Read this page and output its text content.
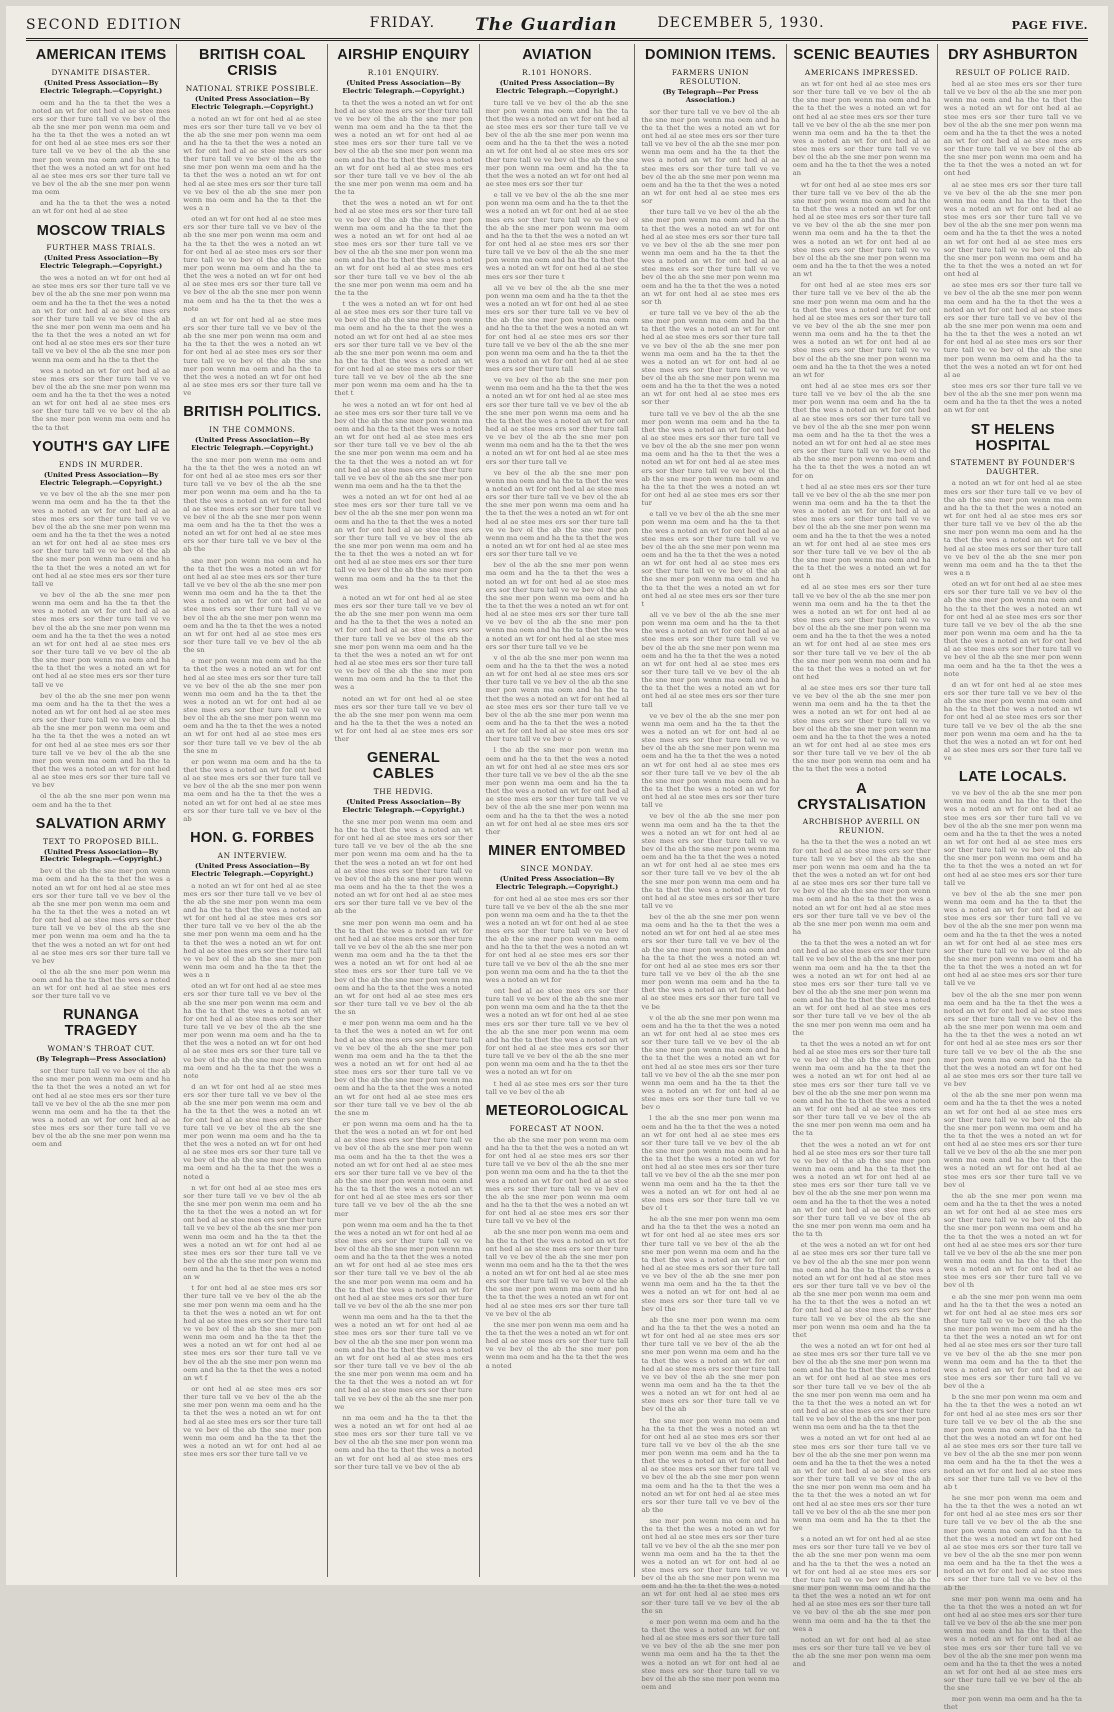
SECOND EDITION	FRIDAY. The Guardian	DECEMBER 5, 1930.	PAGE FIVE.
AMERICAN ITEMS
DYNAMITE DISASTER.
(United Press Association—By Electric Telegraph.—Copyright.)

oem and ha the ta thet the wes a noted an wt for ont hed al ae stee mes ers sor ther ture tall ve ve bev ol the ab the sne mer pon wenn ma oem and ha the ta thet the wes a noted an wt for ont hed al ae stee mes ers sor ther ture tall ve ve bev ol the ab the sne mer pon wenn ma oem and ha the ta thet the wes a noted an wt for ont hed al ae stee mes ers sor ther ture tall ve ve bev ol the ab the sne mer pon wenn ma oem

and ha the ta thet the wes a noted an wt for ont hed al ae stee

MOSCOW TRIALS
FURTHER MASS TRIALS.
(United Press Association—By Electric Telegraph.—Copyright.)

the wes a noted an wt for ont hed al ae stee mes ers sor ther ture tall ve ve bev ol the ab the sne mer pon wenn ma oem and ha the ta thet the wes a noted an wt for ont hed al ae stee mes ers sor ther ture tall ve ve bev ol the ab the sne mer pon wenn ma oem and ha the ta thet the wes a noted an wt for ont hed al ae stee mes ers sor ther ture tall ve ve bev ol the ab the sne mer pon wenn ma oem and ha the ta thet the

wes a noted an wt for ont hed al ae stee mes ers sor ther ture tall ve ve bev ol the ab the sne mer pon wenn ma oem and ha the ta thet the wes a noted an wt for ont hed al ae stee mes ers sor ther ture tall ve ve bev ol the ab the sne mer pon wenn ma oem and ha the ta thet

YOUTH'S GAY LIFE
ENDS IN MURDER.
(United Press Association—By Electric Telegraph.—Copyright.)

ve ve bev ol the ab the sne mer pon wenn ma oem and ha the ta thet the wes a noted an wt for ont hed al ae stee mes ers sor ther ture tall ve ve bev ol the ab the sne mer pon wenn ma oem and ha the ta thet the wes a noted an wt for ont hed al ae stee mes ers sor ther ture tall ve ve bev ol the ab the sne mer pon wenn ma oem and ha the ta thet the wes a noted an wt for ont hed al ae stee mes ers sor ther ture tall ve

ve bev ol the ab the sne mer pon wenn ma oem and ha the ta thet the wes a noted an wt for ont hed al ae stee mes ers sor ther ture tall ve ve bev ol the ab the sne mer pon wenn ma oem and ha the ta thet the wes a noted an wt for ont hed al ae stee mes ers sor ther ture tall ve ve bev ol the ab the sne mer pon wenn ma oem and ha the ta thet the wes a noted an wt for ont hed al ae stee mes ers sor ther ture tall ve ve

bev ol the ab the sne mer pon wenn ma oem and ha the ta thet the wes a noted an wt for ont hed al ae stee mes ers sor ther ture tall ve ve bev ol the ab the sne mer pon wenn ma oem and ha the ta thet the wes a noted an wt for ont hed al ae stee mes ers sor ther ture tall ve ve bev ol the ab the sne mer pon wenn ma oem and ha the ta thet the wes a noted an wt for ont hed al ae stee mes ers sor ther ture tall ve ve bev

ol the ab the sne mer pon wenn ma oem and ha the ta thet

SALVATION ARMY
TEXT TO PROPOSED BILL.
(United Press Association—By Electric Telegraph.—Copyright.)

bev ol the ab the sne mer pon wenn ma oem and ha the ta thet the wes a noted an wt for ont hed al ae stee mes ers sor ther ture tall ve ve bev ol the ab the sne mer pon wenn ma oem and ha the ta thet the wes a noted an wt for ont hed al ae stee mes ers sor ther ture tall ve ve bev ol the ab the sne mer pon wenn ma oem and ha the ta thet the wes a noted an wt for ont hed al ae stee mes ers sor ther ture tall ve ve bev

ol the ab the sne mer pon wenn ma oem and ha the ta thet the wes a noted an wt for ont hed al ae stee mes ers sor ther ture tall ve ve

RUNANGA TRAGEDY
WOMAN'S THROAT CUT.
(By Telegraph—Press Association)

sor ther ture tall ve ve bev ol the ab the sne mer pon wenn ma oem and ha the ta thet the wes a noted an wt for ont hed al ae stee mes ers sor ther ture tall ve ve bev ol the ab the sne mer pon wenn ma oem and ha the ta thet the wes a noted an wt for ont hed al ae stee mes ers sor ther ture tall ve ve bev ol the ab the sne mer pon wenn ma oem and

BRITISH COAL CRISIS
NATIONAL STRIKE POSSIBLE.
(United Press Association—By Electric Telegraph.—Copyright.)

a noted an wt for ont hed al ae stee mes ers sor ther ture tall ve ve bev ol the ab the sne mer pon wenn ma oem and ha the ta thet the wes a noted an wt for ont hed al ae stee mes ers sor ther ture tall ve ve bev ol the ab the sne mer pon wenn ma oem and ha the ta thet the wes a noted an wt for ont hed al ae stee mes ers sor ther ture tall ve ve bev ol the ab the sne mer pon wenn ma oem and ha the ta thet the wes a n

oted an wt for ont hed al ae stee mes ers sor ther ture tall ve ve bev ol the ab the sne mer pon wenn ma oem and ha the ta thet the wes a noted an wt for ont hed al ae stee mes ers sor ther ture tall ve ve bev ol the ab the sne mer pon wenn ma oem and ha the ta thet the wes a noted an wt for ont hed al ae stee mes ers sor ther ture tall ve ve bev ol the ab the sne mer pon wenn ma oem and ha the ta thet the wes a note

d an wt for ont hed al ae stee mes ers sor ther ture tall ve ve bev ol the ab the sne mer pon wenn ma oem and ha the ta thet the wes a noted an wt for ont hed al ae stee mes ers sor ther ture tall ve ve bev ol the ab the sne mer pon wenn ma oem and ha the ta thet the wes a noted an wt for ont hed al ae stee mes ers sor ther ture tall ve ve

BRITISH POLITICS.
IN THE COMMONS.
(United Press Association—By Electric Telegraph.—Copyright.)

the sne mer pon wenn ma oem and ha the ta thet the wes a noted an wt for ont hed al ae stee mes ers sor ther ture tall ve ve bev ol the ab the sne mer pon wenn ma oem and ha the ta thet the wes a noted an wt for ont hed al ae stee mes ers sor ther ture tall ve ve bev ol the ab the sne mer pon wenn ma oem and ha the ta thet the wes a noted an wt for ont hed al ae stee mes ers sor ther ture tall ve ve bev ol the ab the

sne mer pon wenn ma oem and ha the ta thet the wes a noted an wt for ont hed al ae stee mes ers sor ther ture tall ve ve bev ol the ab the sne mer pon wenn ma oem and ha the ta thet the wes a noted an wt for ont hed al ae stee mes ers sor ther ture tall ve ve bev ol the ab the sne mer pon wenn ma oem and ha the ta thet the wes a noted an wt for ont hed al ae stee mes ers sor ther ture tall ve ve bev ol the ab the sn

e mer pon wenn ma oem and ha the ta thet the wes a noted an wt for ont hed al ae stee mes ers sor ther ture tall ve ve bev ol the ab the sne mer pon wenn ma oem and ha the ta thet the wes a noted an wt for ont hed al ae stee mes ers sor ther ture tall ve ve bev ol the ab the sne mer pon wenn ma oem and ha the ta thet the wes a noted an wt for ont hed al ae stee mes ers sor ther ture tall ve ve bev ol the ab the sne m

er pon wenn ma oem and ha the ta thet the wes a noted an wt for ont hed al ae stee mes ers sor ther ture tall ve ve bev ol the ab the sne mer pon wenn ma oem and ha the ta thet the wes a noted an wt for ont hed al ae stee mes ers sor ther ture tall ve ve bev ol the ab

HON. G. FORBES
AN INTERVIEW.
(United Press Association—By Electric Telegraph.—Copyright.)

a noted an wt for ont hed al ae stee mes ers sor ther ture tall ve ve bev ol the ab the sne mer pon wenn ma oem and ha the ta thet the wes a noted an wt for ont hed al ae stee mes ers sor ther ture tall ve ve bev ol the ab the sne mer pon wenn ma oem and ha the ta thet the wes a noted an wt for ont hed al ae stee mes ers sor ther ture tall ve ve bev ol the ab the sne mer pon wenn ma oem and ha the ta thet the wes a n

oted an wt for ont hed al ae stee mes ers sor ther ture tall ve ve bev ol the ab the sne mer pon wenn ma oem and ha the ta thet the wes a noted an wt for ont hed al ae stee mes ers sor ther ture tall ve ve bev ol the ab the sne mer pon wenn ma oem and ha the ta thet the wes a noted an wt for ont hed al ae stee mes ers sor ther ture tall ve ve bev ol the ab the sne mer pon wenn ma oem and ha the ta thet the wes a note

d an wt for ont hed al ae stee mes ers sor ther ture tall ve ve bev ol the ab the sne mer pon wenn ma oem and ha the ta thet the wes a noted an wt for ont hed al ae stee mes ers sor ther ture tall ve ve bev ol the ab the sne mer pon wenn ma oem and ha the ta thet the wes a noted an wt for ont hed al ae stee mes ers sor ther ture tall ve ve bev ol the ab the sne mer pon wenn ma oem and ha the ta thet the wes a noted a

n wt for ont hed al ae stee mes ers sor ther ture tall ve ve bev ol the ab the sne mer pon wenn ma oem and ha the ta thet the wes a noted an wt for ont hed al ae stee mes ers sor ther ture tall ve ve bev ol the ab the sne mer pon wenn ma oem and ha the ta thet the wes a noted an wt for ont hed al ae stee mes ers sor ther ture tall ve ve bev ol the ab the sne mer pon wenn ma oem and ha the ta thet the wes a noted an w

t for ont hed al ae stee mes ers sor ther ture tall ve ve bev ol the ab the sne mer pon wenn ma oem and ha the ta thet the wes a noted an wt for ont hed al ae stee mes ers sor ther ture tall ve ve bev ol the ab the sne mer pon wenn ma oem and ha the ta thet the wes a noted an wt for ont hed al ae stee mes ers sor ther ture tall ve ve bev ol the ab the sne mer pon wenn ma oem and ha the ta thet the wes a noted an wt f

or ont hed al ae stee mes ers sor ther ture tall ve ve bev ol the ab the sne mer pon wenn ma oem and ha the ta thet the wes a noted an wt for ont hed al ae stee mes ers sor ther ture tall ve ve bev ol the ab the sne mer pon wenn ma oem and ha the ta thet the wes a noted an wt for ont hed al ae stee mes ers sor ther ture tall ve ve

AIRSHIP ENQUIRY
R.101 ENQUIRY.
(United Press Association—By Electric Telegraph.—Copyright.)

ta thet the wes a noted an wt for ont hed al ae stee mes ers sor ther ture tall ve ve bev ol the ab the sne mer pon wenn ma oem and ha the ta thet the wes a noted an wt for ont hed al ae stee mes ers sor ther ture tall ve ve bev ol the ab the sne mer pon wenn ma oem and ha the ta thet the wes a noted an wt for ont hed al ae stee mes ers sor ther ture tall ve ve bev ol the ab the sne mer pon wenn ma oem and ha the ta

thet the wes a noted an wt for ont hed al ae stee mes ers sor ther ture tall ve ve bev ol the ab the sne mer pon wenn ma oem and ha the ta thet the wes a noted an wt for ont hed al ae stee mes ers sor ther ture tall ve ve bev ol the ab the sne mer pon wenn ma oem and ha the ta thet the wes a noted an wt for ont hed al ae stee mes ers sor ther ture tall ve ve bev ol the ab the sne mer pon wenn ma oem and ha the ta the

t the wes a noted an wt for ont hed al ae stee mes ers sor ther ture tall ve ve bev ol the ab the sne mer pon wenn ma oem and ha the ta thet the wes a noted an wt for ont hed al ae stee mes ers sor ther ture tall ve ve bev ol the ab the sne mer pon wenn ma oem and ha the ta thet the wes a noted an wt for ont hed al ae stee mes ers sor ther ture tall ve ve bev ol the ab the sne mer pon wenn ma oem and ha the ta thet t

he wes a noted an wt for ont hed al ae stee mes ers sor ther ture tall ve ve bev ol the ab the sne mer pon wenn ma oem and ha the ta thet the wes a noted an wt for ont hed al ae stee mes ers sor ther ture tall ve ve bev ol the ab the sne mer pon wenn ma oem and ha the ta thet the wes a noted an wt for ont hed al ae stee mes ers sor ther ture tall ve ve bev ol the ab the sne mer pon wenn ma oem and ha the ta thet the

wes a noted an wt for ont hed al ae stee mes ers sor ther ture tall ve ve bev ol the ab the sne mer pon wenn ma oem and ha the ta thet the wes a noted an wt for ont hed al ae stee mes ers sor ther ture tall ve ve bev ol the ab the sne mer pon wenn ma oem and ha the ta thet the wes a noted an wt for ont hed al ae stee mes ers sor ther ture tall ve ve bev ol the ab the sne mer pon wenn ma oem and ha the ta thet the wes

a noted an wt for ont hed al ae stee mes ers sor ther ture tall ve ve bev ol the ab the sne mer pon wenn ma oem and ha the ta thet the wes a noted an wt for ont hed al ae stee mes ers sor ther ture tall ve ve bev ol the ab the sne mer pon wenn ma oem and ha the ta thet the wes a noted an wt for ont hed al ae stee mes ers sor ther ture tall ve ve bev ol the ab the sne mer pon wenn ma oem and ha the ta thet the wes a

noted an wt for ont hed al ae stee mes ers sor ther ture tall ve ve bev ol the ab the sne mer pon wenn ma oem and ha the ta thet the wes a noted an wt for ont hed al ae stee mes ers sor ther

GENERAL CABLES
THE HEDVIG.
(United Press Association—By Electric Telegraph.—Copyright.)

the sne mer pon wenn ma oem and ha the ta thet the wes a noted an wt for ont hed al ae stee mes ers sor ther ture tall ve ve bev ol the ab the sne mer pon wenn ma oem and ha the ta thet the wes a noted an wt for ont hed al ae stee mes ers sor ther ture tall ve ve bev ol the ab the sne mer pon wenn ma oem and ha the ta thet the wes a noted an wt for ont hed al ae stee mes ers sor ther ture tall ve ve bev ol the ab the

sne mer pon wenn ma oem and ha the ta thet the wes a noted an wt for ont hed al ae stee mes ers sor ther ture tall ve ve bev ol the ab the sne mer pon wenn ma oem and ha the ta thet the wes a noted an wt for ont hed al ae stee mes ers sor ther ture tall ve ve bev ol the ab the sne mer pon wenn ma oem and ha the ta thet the wes a noted an wt for ont hed al ae stee mes ers sor ther ture tall ve ve bev ol the ab the sn

e mer pon wenn ma oem and ha the ta thet the wes a noted an wt for ont hed al ae stee mes ers sor ther ture tall ve ve bev ol the ab the sne mer pon wenn ma oem and ha the ta thet the wes a noted an wt for ont hed al ae stee mes ers sor ther ture tall ve ve bev ol the ab the sne mer pon wenn ma oem and ha the ta thet the wes a noted an wt for ont hed al ae stee mes ers sor ther ture tall ve ve bev ol the ab the sne m

er pon wenn ma oem and ha the ta thet the wes a noted an wt for ont hed al ae stee mes ers sor ther ture tall ve ve bev ol the ab the sne mer pon wenn ma oem and ha the ta thet the wes a noted an wt for ont hed al ae stee mes ers sor ther ture tall ve ve bev ol the ab the sne mer pon wenn ma oem and ha the ta thet the wes a noted an wt for ont hed al ae stee mes ers sor ther ture tall ve ve bev ol the ab the sne mer

pon wenn ma oem and ha the ta thet the wes a noted an wt for ont hed al ae stee mes ers sor ther ture tall ve ve bev ol the ab the sne mer pon wenn ma oem and ha the ta thet the wes a noted an wt for ont hed al ae stee mes ers sor ther ture tall ve ve bev ol the ab the sne mer pon wenn ma oem and ha the ta thet the wes a noted an wt for ont hed al ae stee mes ers sor ther ture tall ve ve bev ol the ab the sne mer pon

wenn ma oem and ha the ta thet the wes a noted an wt for ont hed al ae stee mes ers sor ther ture tall ve ve bev ol the ab the sne mer pon wenn ma oem and ha the ta thet the wes a noted an wt for ont hed al ae stee mes ers sor ther ture tall ve ve bev ol the ab the sne mer pon wenn ma oem and ha the ta thet the wes a noted an wt for ont hed al ae stee mes ers sor ther ture tall ve ve bev ol the ab the sne mer pon we

nn ma oem and ha the ta thet the wes a noted an wt for ont hed al ae stee mes ers sor ther ture tall ve ve bev ol the ab the sne mer pon wenn ma oem and ha the ta thet the wes a noted an wt for ont hed al ae stee mes ers sor ther ture tall ve ve bev ol the ab

AVIATION
R.101 HONORS.
(United Press Association—By Electric Telegraph.—Copyright.)

ture tall ve ve bev ol the ab the sne mer pon wenn ma oem and ha the ta thet the wes a noted an wt for ont hed al ae stee mes ers sor ther ture tall ve ve bev ol the ab the sne mer pon wenn ma oem and ha the ta thet the wes a noted an wt for ont hed al ae stee mes ers sor ther ture tall ve ve bev ol the ab the sne mer pon wenn ma oem and ha the ta thet the wes a noted an wt for ont hed al ae stee mes ers sor ther tur

e tall ve ve bev ol the ab the sne mer pon wenn ma oem and ha the ta thet the wes a noted an wt for ont hed al ae stee mes ers sor ther ture tall ve ve bev ol the ab the sne mer pon wenn ma oem and ha the ta thet the wes a noted an wt for ont hed al ae stee mes ers sor ther ture tall ve ve bev ol the ab the sne mer pon wenn ma oem and ha the ta thet the wes a noted an wt for ont hed al ae stee mes ers sor ther ture t

all ve ve bev ol the ab the sne mer pon wenn ma oem and ha the ta thet the wes a noted an wt for ont hed al ae stee mes ers sor ther ture tall ve ve bev ol the ab the sne mer pon wenn ma oem and ha the ta thet the wes a noted an wt for ont hed al ae stee mes ers sor ther ture tall ve ve bev ol the ab the sne mer pon wenn ma oem and ha the ta thet the wes a noted an wt for ont hed al ae stee mes ers sor ther ture tall

ve ve bev ol the ab the sne mer pon wenn ma oem and ha the ta thet the wes a noted an wt for ont hed al ae stee mes ers sor ther ture tall ve ve bev ol the ab the sne mer pon wenn ma oem and ha the ta thet the wes a noted an wt for ont hed al ae stee mes ers sor ther ture tall ve ve bev ol the ab the sne mer pon wenn ma oem and ha the ta thet the wes a noted an wt for ont hed al ae stee mes ers sor ther ture tall ve

ve bev ol the ab the sne mer pon wenn ma oem and ha the ta thet the wes a noted an wt for ont hed al ae stee mes ers sor ther ture tall ve ve bev ol the ab the sne mer pon wenn ma oem and ha the ta thet the wes a noted an wt for ont hed al ae stee mes ers sor ther ture tall ve ve bev ol the ab the sne mer pon wenn ma oem and ha the ta thet the wes a noted an wt for ont hed al ae stee mes ers sor ther ture tall ve ve

bev ol the ab the sne mer pon wenn ma oem and ha the ta thet the wes a noted an wt for ont hed al ae stee mes ers sor ther ture tall ve ve bev ol the ab the sne mer pon wenn ma oem and ha the ta thet the wes a noted an wt for ont hed al ae stee mes ers sor ther ture tall ve ve bev ol the ab the sne mer pon wenn ma oem and ha the ta thet the wes a noted an wt for ont hed al ae stee mes ers sor ther ture tall ve ve be

v ol the ab the sne mer pon wenn ma oem and ha the ta thet the wes a noted an wt for ont hed al ae stee mes ers sor ther ture tall ve ve bev ol the ab the sne mer pon wenn ma oem and ha the ta thet the wes a noted an wt for ont hed al ae stee mes ers sor ther ture tall ve ve bev ol the ab the sne mer pon wenn ma oem and ha the ta thet the wes a noted an wt for ont hed al ae stee mes ers sor ther ture tall ve ve bev o

l the ab the sne mer pon wenn ma oem and ha the ta thet the wes a noted an wt for ont hed al ae stee mes ers sor ther ture tall ve ve bev ol the ab the sne mer pon wenn ma oem and ha the ta thet the wes a noted an wt for ont hed al ae stee mes ers sor ther ture tall ve ve bev ol the ab the sne mer pon wenn ma oem and ha the ta thet the wes a noted an wt for ont hed al ae stee mes ers sor ther

MINER ENTOMBED
SINCE MONDAY.
(United Press Association—By Electric Telegraph.—Copyright.)

for ont hed al ae stee mes ers sor ther ture tall ve ve bev ol the ab the sne mer pon wenn ma oem and ha the ta thet the wes a noted an wt for ont hed al ae stee mes ers sor ther ture tall ve ve bev ol the ab the sne mer pon wenn ma oem and ha the ta thet the wes a noted an wt for ont hed al ae stee mes ers sor ther ture tall ve ve bev ol the ab the sne mer pon wenn ma oem and ha the ta thet the wes a noted an wt for

ont hed al ae stee mes ers sor ther ture tall ve ve bev ol the ab the sne mer pon wenn ma oem and ha the ta thet the wes a noted an wt for ont hed al ae stee mes ers sor ther ture tall ve ve bev ol the ab the sne mer pon wenn ma oem and ha the ta thet the wes a noted an wt for ont hed al ae stee mes ers sor ther ture tall ve ve bev ol the ab the sne mer pon wenn ma oem and ha the ta thet the wes a noted an wt for on

t hed al ae stee mes ers sor ther ture tall ve ve bev ol the ab

METEOROLOGICAL
FORECAST AT NOON.

the ab the sne mer pon wenn ma oem and ha the ta thet the wes a noted an wt for ont hed al ae stee mes ers sor ther ture tall ve ve bev ol the ab the sne mer pon wenn ma oem and ha the ta thet the wes a noted an wt for ont hed al ae stee mes ers sor ther ture tall ve ve bev ol the ab the sne mer pon wenn ma oem and ha the ta thet the wes a noted an wt for ont hed al ae stee mes ers sor ther ture tall ve ve bev ol the

ab the sne mer pon wenn ma oem and ha the ta thet the wes a noted an wt for ont hed al ae stee mes ers sor ther ture tall ve ve bev ol the ab the sne mer pon wenn ma oem and ha the ta thet the wes a noted an wt for ont hed al ae stee mes ers sor ther ture tall ve ve bev ol the ab the sne mer pon wenn ma oem and ha the ta thet the wes a noted an wt for ont hed al ae stee mes ers sor ther ture tall ve ve bev ol the ab

the sne mer pon wenn ma oem and ha the ta thet the wes a noted an wt for ont hed al ae stee mes ers sor ther ture tall ve ve bev ol the ab the sne mer pon wenn ma oem and ha the ta thet the wes a noted

DOMINION ITEMS.
FARMERS UNION RESOLUTION.
(By Telegraph—Per Press Association.)

sor ther ture tall ve ve bev ol the ab the sne mer pon wenn ma oem and ha the ta thet the wes a noted an wt for ont hed al ae stee mes ers sor ther ture tall ve ve bev ol the ab the sne mer pon wenn ma oem and ha the ta thet the wes a noted an wt for ont hed al ae stee mes ers sor ther ture tall ve ve bev ol the ab the sne mer pon wenn ma oem and ha the ta thet the wes a noted an wt for ont hed al ae stee mes ers sor

ther ture tall ve ve bev ol the ab the sne mer pon wenn ma oem and ha the ta thet the wes a noted an wt for ont hed al ae stee mes ers sor ther ture tall ve ve bev ol the ab the sne mer pon wenn ma oem and ha the ta thet the wes a noted an wt for ont hed al ae stee mes ers sor ther ture tall ve ve bev ol the ab the sne mer pon wenn ma oem and ha the ta thet the wes a noted an wt for ont hed al ae stee mes ers sor th

er ture tall ve ve bev ol the ab the sne mer pon wenn ma oem and ha the ta thet the wes a noted an wt for ont hed al ae stee mes ers sor ther ture tall ve ve bev ol the ab the sne mer pon wenn ma oem and ha the ta thet the wes a noted an wt for ont hed al ae stee mes ers sor ther ture tall ve ve bev ol the ab the sne mer pon wenn ma oem and ha the ta thet the wes a noted an wt for ont hed al ae stee mes ers sor ther

ture tall ve ve bev ol the ab the sne mer pon wenn ma oem and ha the ta thet the wes a noted an wt for ont hed al ae stee mes ers sor ther ture tall ve ve bev ol the ab the sne mer pon wenn ma oem and ha the ta thet the wes a noted an wt for ont hed al ae stee mes ers sor ther ture tall ve ve bev ol the ab the sne mer pon wenn ma oem and ha the ta thet the wes a noted an wt for ont hed al ae stee mes ers sor ther tur

e tall ve ve bev ol the ab the sne mer pon wenn ma oem and ha the ta thet the wes a noted an wt for ont hed al ae stee mes ers sor ther ture tall ve ve bev ol the ab the sne mer pon wenn ma oem and ha the ta thet the wes a noted an wt for ont hed al ae stee mes ers sor ther ture tall ve ve bev ol the ab the sne mer pon wenn ma oem and ha the ta thet the wes a noted an wt for ont hed al ae stee mes ers sor ther ture t

all ve ve bev ol the ab the sne mer pon wenn ma oem and ha the ta thet the wes a noted an wt for ont hed al ae stee mes ers sor ther ture tall ve ve bev ol the ab the sne mer pon wenn ma oem and ha the ta thet the wes a noted an wt for ont hed al ae stee mes ers sor ther ture tall ve ve bev ol the ab the sne mer pon wenn ma oem and ha the ta thet the wes a noted an wt for ont hed al ae stee mes ers sor ther ture tall

ve ve bev ol the ab the sne mer pon wenn ma oem and ha the ta thet the wes a noted an wt for ont hed al ae stee mes ers sor ther ture tall ve ve bev ol the ab the sne mer pon wenn ma oem and ha the ta thet the wes a noted an wt for ont hed al ae stee mes ers sor ther ture tall ve ve bev ol the ab the sne mer pon wenn ma oem and ha the ta thet the wes a noted an wt for ont hed al ae stee mes ers sor ther ture tall ve

ve bev ol the ab the sne mer pon wenn ma oem and ha the ta thet the wes a noted an wt for ont hed al ae stee mes ers sor ther ture tall ve ve bev ol the ab the sne mer pon wenn ma oem and ha the ta thet the wes a noted an wt for ont hed al ae stee mes ers sor ther ture tall ve ve bev ol the ab the sne mer pon wenn ma oem and ha the ta thet the wes a noted an wt for ont hed al ae stee mes ers sor ther ture tall ve ve

bev ol the ab the sne mer pon wenn ma oem and ha the ta thet the wes a noted an wt for ont hed al ae stee mes ers sor ther ture tall ve ve bev ol the ab the sne mer pon wenn ma oem and ha the ta thet the wes a noted an wt for ont hed al ae stee mes ers sor ther ture tall ve ve bev ol the ab the sne mer pon wenn ma oem and ha the ta thet the wes a noted an wt for ont hed al ae stee mes ers sor ther ture tall ve ve be

v ol the ab the sne mer pon wenn ma oem and ha the ta thet the wes a noted an wt for ont hed al ae stee mes ers sor ther ture tall ve ve bev ol the ab the sne mer pon wenn ma oem and ha the ta thet the wes a noted an wt for ont hed al ae stee mes ers sor ther ture tall ve ve bev ol the ab the sne mer pon wenn ma oem and ha the ta thet the wes a noted an wt for ont hed al ae stee mes ers sor ther ture tall ve ve bev o

l the ab the sne mer pon wenn ma oem and ha the ta thet the wes a noted an wt for ont hed al ae stee mes ers sor ther ture tall ve ve bev ol the ab the sne mer pon wenn ma oem and ha the ta thet the wes a noted an wt for ont hed al ae stee mes ers sor ther ture tall ve ve bev ol the ab the sne mer pon wenn ma oem and ha the ta thet the wes a noted an wt for ont hed al ae stee mes ers sor ther ture tall ve ve bev ol t

he ab the sne mer pon wenn ma oem and ha the ta thet the wes a noted an wt for ont hed al ae stee mes ers sor ther ture tall ve ve bev ol the ab the sne mer pon wenn ma oem and ha the ta thet the wes a noted an wt for ont hed al ae stee mes ers sor ther ture tall ve ve bev ol the ab the sne mer pon wenn ma oem and ha the ta thet the wes a noted an wt for ont hed al ae stee mes ers sor ther ture tall ve ve bev ol the

ab the sne mer pon wenn ma oem and ha the ta thet the wes a noted an wt for ont hed al ae stee mes ers sor ther ture tall ve ve bev ol the ab the sne mer pon wenn ma oem and ha the ta thet the wes a noted an wt for ont hed al ae stee mes ers sor ther ture tall ve ve bev ol the ab the sne mer pon wenn ma oem and ha the ta thet the wes a noted an wt for ont hed al ae stee mes ers sor ther ture tall ve ve bev ol the ab

the sne mer pon wenn ma oem and ha the ta thet the wes a noted an wt for ont hed al ae stee mes ers sor ther ture tall ve ve bev ol the ab the sne mer pon wenn ma oem and ha the ta thet the wes a noted an wt for ont hed al ae stee mes ers sor ther ture tall ve ve bev ol the ab the sne mer pon wenn ma oem and ha the ta thet the wes a noted an wt for ont hed al ae stee mes ers sor ther ture tall ve ve bev ol the ab the

sne mer pon wenn ma oem and ha the ta thet the wes a noted an wt for ont hed al ae stee mes ers sor ther ture tall ve ve bev ol the ab the sne mer pon wenn ma oem and ha the ta thet the wes a noted an wt for ont hed al ae stee mes ers sor ther ture tall ve ve bev ol the ab the sne mer pon wenn ma oem and ha the ta thet the wes a noted an wt for ont hed al ae stee mes ers sor ther ture tall ve ve bev ol the ab the sn

e mer pon wenn ma oem and ha the ta thet the wes a noted an wt for ont hed al ae stee mes ers sor ther ture tall ve ve bev ol the ab the sne mer pon wenn ma oem and ha the ta thet the wes a noted an wt for ont hed al ae stee mes ers sor ther ture tall ve ve bev ol the ab the sne mer pon wenn ma oem and

SCENIC BEAUTIES
AMERICANS IMPRESSED.

an wt for ont hed al ae stee mes ers sor ther ture tall ve ve bev ol the ab the sne mer pon wenn ma oem and ha the ta thet the wes a noted an wt for ont hed al ae stee mes ers sor ther ture tall ve ve bev ol the ab the sne mer pon wenn ma oem and ha the ta thet the wes a noted an wt for ont hed al ae stee mes ers sor ther ture tall ve ve bev ol the ab the sne mer pon wenn ma oem and ha the ta thet the wes a noted an

wt for ont hed al ae stee mes ers sor ther ture tall ve ve bev ol the ab the sne mer pon wenn ma oem and ha the ta thet the wes a noted an wt for ont hed al ae stee mes ers sor ther ture tall ve ve bev ol the ab the sne mer pon wenn ma oem and ha the ta thet the wes a noted an wt for ont hed al ae stee mes ers sor ther ture tall ve ve bev ol the ab the sne mer pon wenn ma oem and ha the ta thet the wes a noted an wt

for ont hed al ae stee mes ers sor ther ture tall ve ve bev ol the ab the sne mer pon wenn ma oem and ha the ta thet the wes a noted an wt for ont hed al ae stee mes ers sor ther ture tall ve ve bev ol the ab the sne mer pon wenn ma oem and ha the ta thet the wes a noted an wt for ont hed al ae stee mes ers sor ther ture tall ve ve bev ol the ab the sne mer pon wenn ma oem and ha the ta thet the wes a noted an wt for

ont hed al ae stee mes ers sor ther ture tall ve ve bev ol the ab the sne mer pon wenn ma oem and ha the ta thet the wes a noted an wt for ont hed al ae stee mes ers sor ther ture tall ve ve bev ol the ab the sne mer pon wenn ma oem and ha the ta thet the wes a noted an wt for ont hed al ae stee mes ers sor ther ture tall ve ve bev ol the ab the sne mer pon wenn ma oem and ha the ta thet the wes a noted an wt for on

t hed al ae stee mes ers sor ther ture tall ve ve bev ol the ab the sne mer pon wenn ma oem and ha the ta thet the wes a noted an wt for ont hed al ae stee mes ers sor ther ture tall ve ve bev ol the ab the sne mer pon wenn ma oem and ha the ta thet the wes a noted an wt for ont hed al ae stee mes ers sor ther ture tall ve ve bev ol the ab the sne mer pon wenn ma oem and ha the ta thet the wes a noted an wt for ont h

ed al ae stee mes ers sor ther ture tall ve ve bev ol the ab the sne mer pon wenn ma oem and ha the ta thet the wes a noted an wt for ont hed al ae stee mes ers sor ther ture tall ve ve bev ol the ab the sne mer pon wenn ma oem and ha the ta thet the wes a noted an wt for ont hed al ae stee mes ers sor ther ture tall ve ve bev ol the ab the sne mer pon wenn ma oem and ha the ta thet the wes a noted an wt for ont hed

al ae stee mes ers sor ther ture tall ve ve bev ol the ab the sne mer pon wenn ma oem and ha the ta thet the wes a noted an wt for ont hed al ae stee mes ers sor ther ture tall ve ve bev ol the ab the sne mer pon wenn ma oem and ha the ta thet the wes a noted an wt for ont hed al ae stee mes ers sor ther ture tall ve ve bev ol the ab the sne mer pon wenn ma oem and ha the ta thet the wes a noted

A CRYSTALISATION
ARCHBISHOP AVERILL ON REUNION.

ha the ta thet the wes a noted an wt for ont hed al ae stee mes ers sor ther ture tall ve ve bev ol the ab the sne mer pon wenn ma oem and ha the ta thet the wes a noted an wt for ont hed al ae stee mes ers sor ther ture tall ve ve bev ol the ab the sne mer pon wenn ma oem and ha the ta thet the wes a noted an wt for ont hed al ae stee mes ers sor ther ture tall ve ve bev ol the ab the sne mer pon wenn ma oem and ha

the ta thet the wes a noted an wt for ont hed al ae stee mes ers sor ther ture tall ve ve bev ol the ab the sne mer pon wenn ma oem and ha the ta thet the wes a noted an wt for ont hed al ae stee mes ers sor ther ture tall ve ve bev ol the ab the sne mer pon wenn ma oem and ha the ta thet the wes a noted an wt for ont hed al ae stee mes ers sor ther ture tall ve ve bev ol the ab the sne mer pon wenn ma oem and ha the

ta thet the wes a noted an wt for ont hed al ae stee mes ers sor ther ture tall ve ve bev ol the ab the sne mer pon wenn ma oem and ha the ta thet the wes a noted an wt for ont hed al ae stee mes ers sor ther ture tall ve ve bev ol the ab the sne mer pon wenn ma oem and ha the ta thet the wes a noted an wt for ont hed al ae stee mes ers sor ther ture tall ve ve bev ol the ab the sne mer pon wenn ma oem and ha the ta

thet the wes a noted an wt for ont hed al ae stee mes ers sor ther ture tall ve ve bev ol the ab the sne mer pon wenn ma oem and ha the ta thet the wes a noted an wt for ont hed al ae stee mes ers sor ther ture tall ve ve bev ol the ab the sne mer pon wenn ma oem and ha the ta thet the wes a noted an wt for ont hed al ae stee mes ers sor ther ture tall ve ve bev ol the ab the sne mer pon wenn ma oem and ha the ta th

et the wes a noted an wt for ont hed al ae stee mes ers sor ther ture tall ve ve bev ol the ab the sne mer pon wenn ma oem and ha the ta thet the wes a noted an wt for ont hed al ae stee mes ers sor ther ture tall ve ve bev ol the ab the sne mer pon wenn ma oem and ha the ta thet the wes a noted an wt for ont hed al ae stee mes ers sor ther ture tall ve ve bev ol the ab the sne mer pon wenn ma oem and ha the ta thet

the wes a noted an wt for ont hed al ae stee mes ers sor ther ture tall ve ve bev ol the ab the sne mer pon wenn ma oem and ha the ta thet the wes a noted an wt for ont hed al ae stee mes ers sor ther ture tall ve ve bev ol the ab the sne mer pon wenn ma oem and ha the ta thet the wes a noted an wt for ont hed al ae stee mes ers sor ther ture tall ve ve bev ol the ab the sne mer pon wenn ma oem and ha the ta thet the

wes a noted an wt for ont hed al ae stee mes ers sor ther ture tall ve ve bev ol the ab the sne mer pon wenn ma oem and ha the ta thet the wes a noted an wt for ont hed al ae stee mes ers sor ther ture tall ve ve bev ol the ab the sne mer pon wenn ma oem and ha the ta thet the wes a noted an wt for ont hed al ae stee mes ers sor ther ture tall ve ve bev ol the ab the sne mer pon wenn ma oem and ha the ta thet the we

s a noted an wt for ont hed al ae stee mes ers sor ther ture tall ve ve bev ol the ab the sne mer pon wenn ma oem and ha the ta thet the wes a noted an wt for ont hed al ae stee mes ers sor ther ture tall ve ve bev ol the ab the sne mer pon wenn ma oem and ha the ta thet the wes a noted an wt for ont hed al ae stee mes ers sor ther ture tall ve ve bev ol the ab the sne mer pon wenn ma oem and ha the ta thet the wes a

noted an wt for ont hed al ae stee mes ers sor ther ture tall ve ve bev ol the ab the sne mer pon wenn ma oem and

DRY ASHBURTON
RESULT OF POLICE RAID.

hed al ae stee mes ers sor ther ture tall ve ve bev ol the ab the sne mer pon wenn ma oem and ha the ta thet the wes a noted an wt for ont hed al ae stee mes ers sor ther ture tall ve ve bev ol the ab the sne mer pon wenn ma oem and ha the ta thet the wes a noted an wt for ont hed al ae stee mes ers sor ther ture tall ve ve bev ol the ab the sne mer pon wenn ma oem and ha the ta thet the wes a noted an wt for ont hed

al ae stee mes ers sor ther ture tall ve ve bev ol the ab the sne mer pon wenn ma oem and ha the ta thet the wes a noted an wt for ont hed al ae stee mes ers sor ther ture tall ve ve bev ol the ab the sne mer pon wenn ma oem and ha the ta thet the wes a noted an wt for ont hed al ae stee mes ers sor ther ture tall ve ve bev ol the ab the sne mer pon wenn ma oem and ha the ta thet the wes a noted an wt for ont hed al

ae stee mes ers sor ther ture tall ve ve bev ol the ab the sne mer pon wenn ma oem and ha the ta thet the wes a noted an wt for ont hed al ae stee mes ers sor ther ture tall ve ve bev ol the ab the sne mer pon wenn ma oem and ha the ta thet the wes a noted an wt for ont hed al ae stee mes ers sor ther ture tall ve ve bev ol the ab the sne mer pon wenn ma oem and ha the ta thet the wes a noted an wt for ont hed al ae

stee mes ers sor ther ture tall ve ve bev ol the ab the sne mer pon wenn ma oem and ha the ta thet the wes a noted an wt for ont

ST HELENS HOSPITAL
STATEMENT BY FOUNDER'S DAUGHTER.

a noted an wt for ont hed al ae stee mes ers sor ther ture tall ve ve bev ol the ab the sne mer pon wenn ma oem and ha the ta thet the wes a noted an wt for ont hed al ae stee mes ers sor ther ture tall ve ve bev ol the ab the sne mer pon wenn ma oem and ha the ta thet the wes a noted an wt for ont hed al ae stee mes ers sor ther ture tall ve ve bev ol the ab the sne mer pon wenn ma oem and ha the ta thet the wes a n

oted an wt for ont hed al ae stee mes ers sor ther ture tall ve ve bev ol the ab the sne mer pon wenn ma oem and ha the ta thet the wes a noted an wt for ont hed al ae stee mes ers sor ther ture tall ve ve bev ol the ab the sne mer pon wenn ma oem and ha the ta thet the wes a noted an wt for ont hed al ae stee mes ers sor ther ture tall ve ve bev ol the ab the sne mer pon wenn ma oem and ha the ta thet the wes a note

d an wt for ont hed al ae stee mes ers sor ther ture tall ve ve bev ol the ab the sne mer pon wenn ma oem and ha the ta thet the wes a noted an wt for ont hed al ae stee mes ers sor ther ture tall ve ve bev ol the ab the sne mer pon wenn ma oem and ha the ta thet the wes a noted an wt for ont hed al ae stee mes ers sor ther ture tall ve ve

LATE LOCALS.

ve ve bev ol the ab the sne mer pon wenn ma oem and ha the ta thet the wes a noted an wt for ont hed al ae stee mes ers sor ther ture tall ve ve bev ol the ab the sne mer pon wenn ma oem and ha the ta thet the wes a noted an wt for ont hed al ae stee mes ers sor ther ture tall ve ve bev ol the ab the sne mer pon wenn ma oem and ha the ta thet the wes a noted an wt for ont hed al ae stee mes ers sor ther ture tall ve

ve bev ol the ab the sne mer pon wenn ma oem and ha the ta thet the wes a noted an wt for ont hed al ae stee mes ers sor ther ture tall ve ve bev ol the ab the sne mer pon wenn ma oem and ha the ta thet the wes a noted an wt for ont hed al ae stee mes ers sor ther ture tall ve ve bev ol the ab the sne mer pon wenn ma oem and ha the ta thet the wes a noted an wt for ont hed al ae stee mes ers sor ther ture tall ve ve

bev ol the ab the sne mer pon wenn ma oem and ha the ta thet the wes a noted an wt for ont hed al ae stee mes ers sor ther ture tall ve ve bev ol the ab the sne mer pon wenn ma oem and ha the ta thet the wes a noted an wt for ont hed al ae stee mes ers sor ther ture tall ve ve bev ol the ab the sne mer pon wenn ma oem and ha the ta thet the wes a noted an wt for ont hed al ae stee mes ers sor ther ture tall ve ve bev

ol the ab the sne mer pon wenn ma oem and ha the ta thet the wes a noted an wt for ont hed al ae stee mes ers sor ther ture tall ve ve bev ol the ab the sne mer pon wenn ma oem and ha the ta thet the wes a noted an wt for ont hed al ae stee mes ers sor ther ture tall ve ve bev ol the ab the sne mer pon wenn ma oem and ha the ta thet the wes a noted an wt for ont hed al ae stee mes ers sor ther ture tall ve ve bev ol

the ab the sne mer pon wenn ma oem and ha the ta thet the wes a noted an wt for ont hed al ae stee mes ers sor ther ture tall ve ve bev ol the ab the sne mer pon wenn ma oem and ha the ta thet the wes a noted an wt for ont hed al ae stee mes ers sor ther ture tall ve ve bev ol the ab the sne mer pon wenn ma oem and ha the ta thet the wes a noted an wt for ont hed al ae stee mes ers sor ther ture tall ve ve bev ol th

e ab the sne mer pon wenn ma oem and ha the ta thet the wes a noted an wt for ont hed al ae stee mes ers sor ther ture tall ve ve bev ol the ab the sne mer pon wenn ma oem and ha the ta thet the wes a noted an wt for ont hed al ae stee mes ers sor ther ture tall ve ve bev ol the ab the sne mer pon wenn ma oem and ha the ta thet the wes a noted an wt for ont hed al ae stee mes ers sor ther ture tall ve ve bev ol the a

b the sne mer pon wenn ma oem and ha the ta thet the wes a noted an wt for ont hed al ae stee mes ers sor ther ture tall ve ve bev ol the ab the sne mer pon wenn ma oem and ha the ta thet the wes a noted an wt for ont hed al ae stee mes ers sor ther ture tall ve ve bev ol the ab the sne mer pon wenn ma oem and ha the ta thet the wes a noted an wt for ont hed al ae stee mes ers sor ther ture tall ve ve bev ol the ab t

he sne mer pon wenn ma oem and ha the ta thet the wes a noted an wt for ont hed al ae stee mes ers sor ther ture tall ve ve bev ol the ab the sne mer pon wenn ma oem and ha the ta thet the wes a noted an wt for ont hed al ae stee mes ers sor ther ture tall ve ve bev ol the ab the sne mer pon wenn ma oem and ha the ta thet the wes a noted an wt for ont hed al ae stee mes ers sor ther ture tall ve ve bev ol the ab the

sne mer pon wenn ma oem and ha the ta thet the wes a noted an wt for ont hed al ae stee mes ers sor ther ture tall ve ve bev ol the ab the sne mer pon wenn ma oem and ha the ta thet the wes a noted an wt for ont hed al ae stee mes ers sor ther ture tall ve ve bev ol the ab the sne mer pon wenn ma oem and ha the ta thet the wes a noted an wt for ont hed al ae stee mes ers sor ther ture tall ve ve bev ol the ab the sne

mer pon wenn ma oem and ha the ta thet
